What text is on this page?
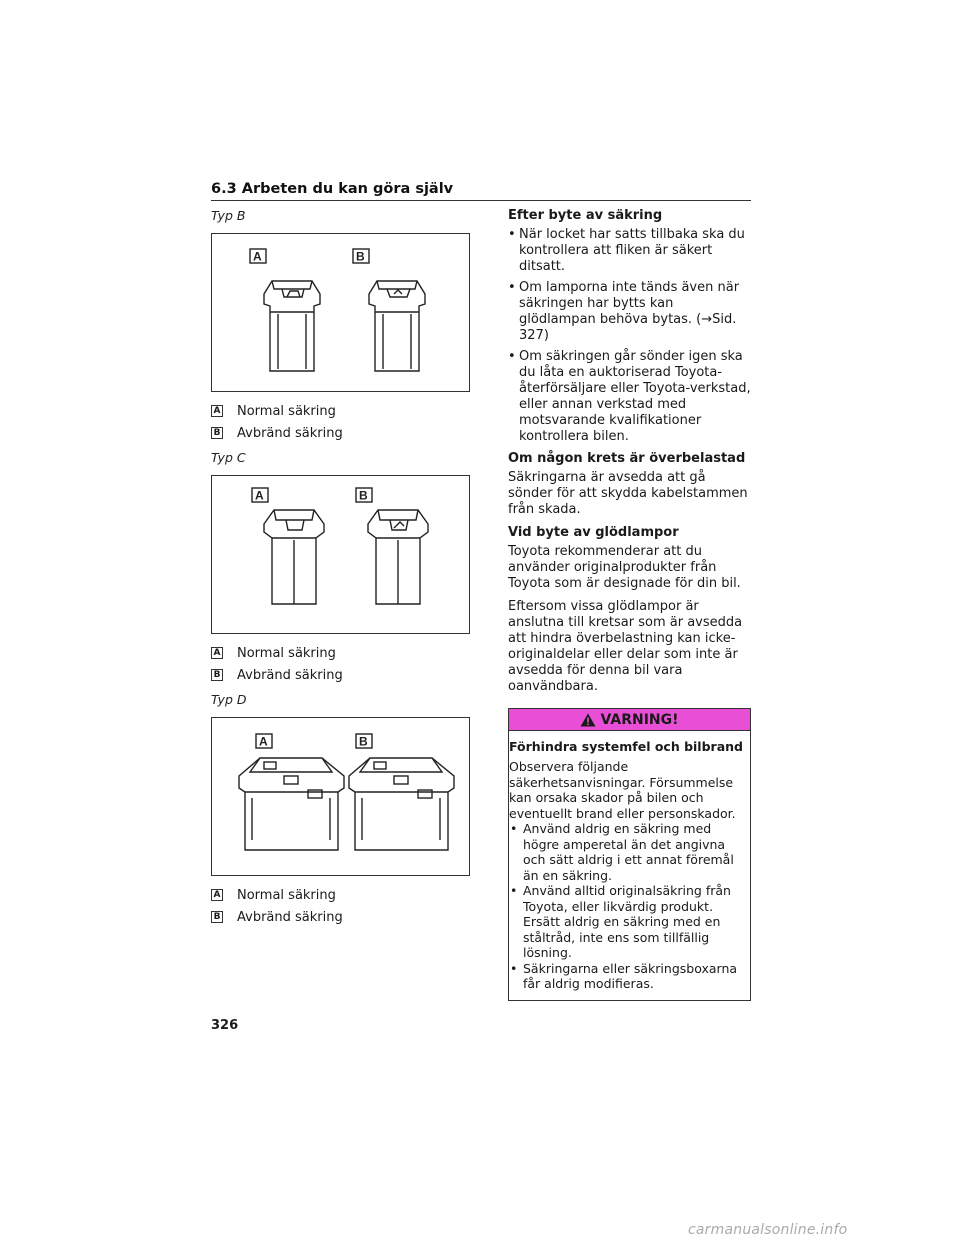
6.3 Arbeten du kan göra själv
Typ B
A	B
A Normal säkring
B Avbränd säkring
Typ C
A	B
A Normal säkring
B Avbränd säkring
Typ D
A	B
A Normal säkring
B Avbränd säkring
Efter byte av säkring
• När locket har satts tillbaka ska du kontrollera att fliken är säkert ditsatt.
• Om lamporna inte tänds även när säkringen har bytts kan glödlampan behöva bytas. (→Sid. 327)
• Om säkringen går sönder igen ska du låta en auktoriserad Toyota-återförsäljare eller Toyota-verkstad, eller annan verkstad med motsvarande kvalifikationer kontrollera bilen.
Om någon krets är överbelastad
Säkringarna är avsedda att gå sönder för att skydda kabelstammen från skada.
Vid byte av glödlampor
Toyota rekommenderar att du använder originalprodukter från Toyota som är designade för din bil.
Eftersom vissa glödlampor är anslutna till kretsar som är avsedda att hindra överbelastning kan icke-originaldelar eller delar som inte är avsedda för denna bil vara oanvändbara.
VARNING!
Förhindra systemfel och bilbrand
Observera följande säkerhetsanvisningar. Försummelse kan orsaka skador på bilen och eventuellt brand eller personskador.
• Använd aldrig en säkring med högre amperetal än det angivna och sätt aldrig i ett annat föremål än en säkring.
• Använd alltid originalsäkring från Toyota, eller likvärdig produkt. Ersätt aldrig en säkring med en ståltråd, inte ens som tillfällig lösning.
• Säkringarna eller säkringsboxarna får aldrig modifieras.
326
carmanualsonline.info
